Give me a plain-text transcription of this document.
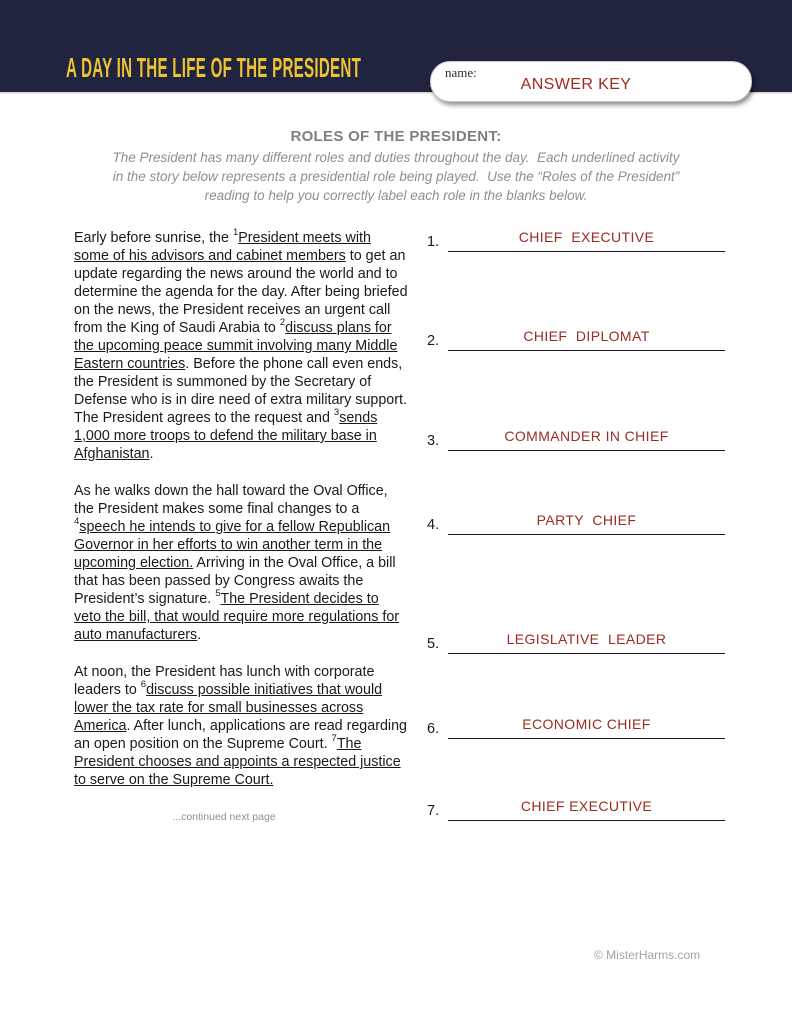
A DAY IN THE LIFE OF THE PRESIDENT	name:
ANSWER KEY
ROLES OF THE PRESIDENT:
The President has many different roles and duties throughout the day.  Each underlined activity
in the story below represents a presidential role being played.  Use the “Roles of the President”
reading to help you correctly label each role in the blanks below.

Early before sunrise, the $^1$President meets with some of his advisors and cabinet members to get an update regarding the news around the world and to determine the agenda for the day. After being briefed on the news, the President receives an urgent call from the King of Saudi Arabia to $^2$discuss plans for the upcoming peace summit involving many Middle Eastern countries. Before the phone call even ends, the President is summoned by the Secretary of Defense who is in dire need of extra military support. The President agrees to the request and $^3$sends 1,000 more troops to defend the military base in Afghanistan.

As he walks down the hall toward the Oval Office, the President makes some final changes to a $^4$speech he intends to give for a fellow Republican Governor in her efforts to win another term in the upcoming election. Arriving in the Oval Office, a bill that has been passed by Congress awaits the President’s signature. $^5$The President decides to veto the bill, that would require more regulations for auto manufacturers.

At noon, the President has lunch with corporate leaders to $^6$discuss possible initiatives that would lower the tax rate for small businesses across America. After lunch, applications are read regarding an open position on the Supreme Court. $^7$The President chooses and appoints a respected justice to serve on the Supreme Court.

...continued next page
1.	CHIEF  EXECUTIVE
2.	CHIEF  DIPLOMAT
3.	COMMANDER IN CHIEF
4.	PARTY  CHIEF
5.	LEGISLATIVE  LEADER
6.	ECONOMIC CHIEF
7.	CHIEF EXECUTIVE
© MisterHarms.com
